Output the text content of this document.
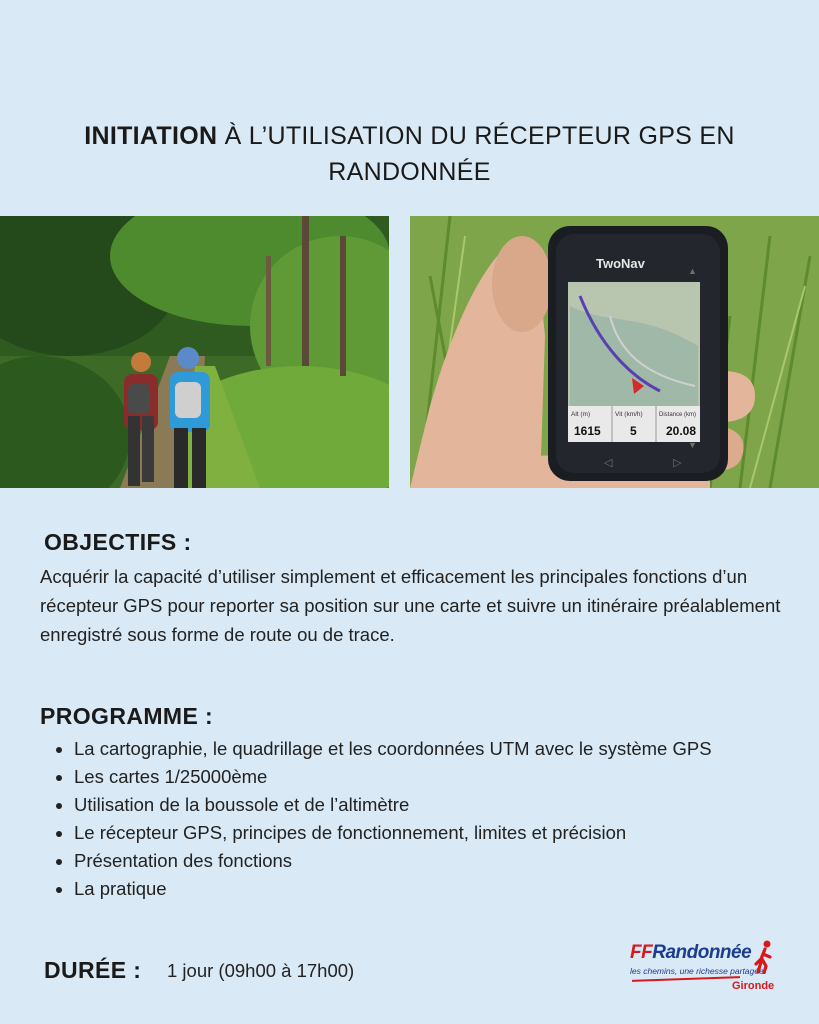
INITIATION À L’UTILISATION DU RÉCEPTEUR GPS EN
RANDONNÉE
◁	▷
▲
▼
TwoNav
Alt (m)
1615
Vit (km/h)
5
Distance (km)
20.08
OBJECTIFS :
Acquérir la capacité d’utiliser simplement et efficacement les principales fonctions d’un récepteur GPS pour reporter sa position sur une carte et suivre un itinéraire préalablement enregistré sous forme de route ou de trace.
PROGRAMME :
• La cartographie, le quadrillage et les coordonnées UTM avec le système GPS
• Les cartes 1/25000ème
• Utilisation de la boussole et de l’altimètre
• Le récepteur GPS, principes de fonctionnement, limites et précision
• Présentation des fonctions
• La pratique
DURÉE : 1 jour (09h00 à 17h00)
FFRandonnée
les chemins, une richesse partagée
Gironde
